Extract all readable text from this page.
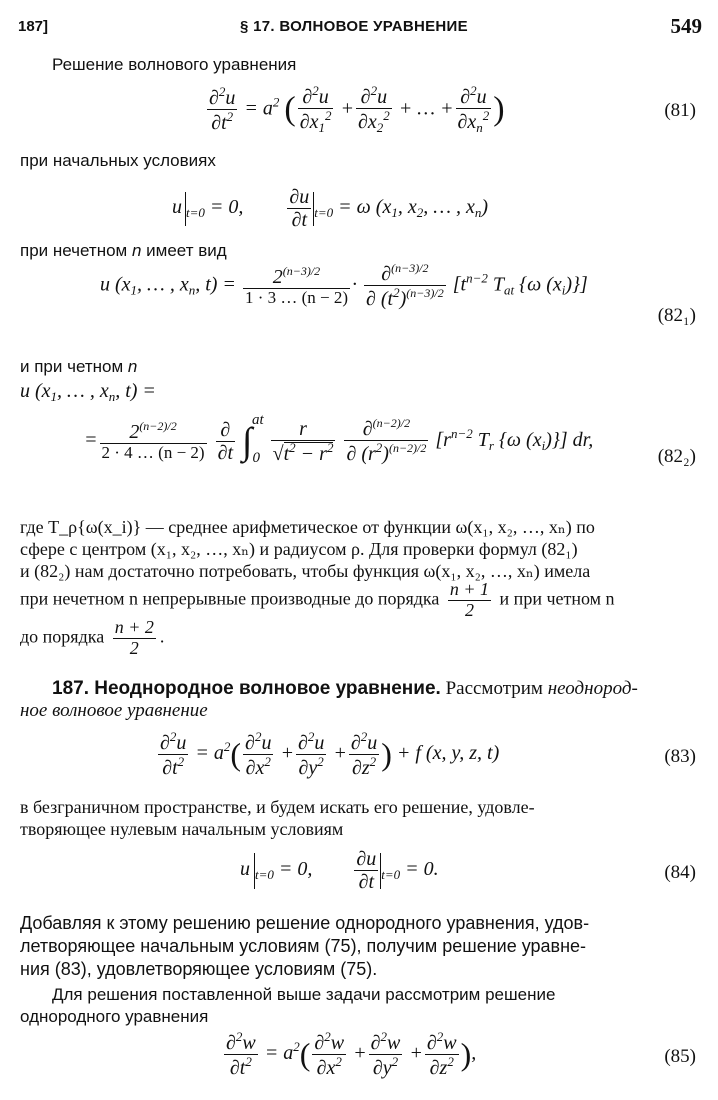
187]	§ 17. ВОЛНОВОЕ УРАВНЕНИЕ	549
Решение волнового уравнения
$\frac{\partial^2u}{\partial t^2} = a^2$ ( $\frac{\partial^2u}{\partial x_1^2} + \frac{\partial^2u}{\partial x_2^2}$ + … + $\frac{\partial^2u}{\partial x_n^2}$ )	(81)
при начальных условиях
u $_{t=0}$ = 0, $\frac{\partial u}{\partial t} _{t=0} = \omega$ ($x_1$, $x_2$, … , $x_n$)
при нечетном n имеет вид
u ($x_1$, … , $x_n$, $t) = \frac{2^{(n-3)/2}}{1 \cdot 3 \dots (n - 2)} \cdot \frac{\partial^{(n-3)/2}}{\partial (t^2)^{(n-3)/2}} [t^{n-2}$ $T_{at}$ {ω $(x_i)$}]
(82₁)
и при четном n
u ($x_1$, … , $x_n$, t) =
= $\frac{2^{(n-2)/2}}{2 \cdot 4 \dots (n - 2)}$
$\frac{\partial}{\partial t} \int_0^{at} \frac{r}{√t^2 - r^2}$
$\frac{\partial^{(n-2)/2}}{\partial (r^2)^{(n-2)/2}} [r^{n-2}$ $T_r$ {ω $(x_i)$}] dr,
(82₂)
где T_ρ{ω(x_i)} — среднее арифметическое от функции ω(x₁, x₂, …, xₙ) по
сфере с центром (x₁, x₂, …, xₙ) и радиусом ρ. Для проверки формул (82₁)
и (82₂) нам достаточно потребовать, чтобы функция ω(x₁, x₂, …, xₙ) имела
при нечетном n непрерывные производные до порядка $\frac{n + 1}{2}$ и при четном n
до порядка $\frac{n + 2}{2}$ .
187. Неоднородное волновое уравнение. Рассмотрим неоднород-
ное волновое уравнение
$\frac{\partial^2u}{\partial t^2} = a^2( \frac{\partial^2u}{\partial x^2} + \frac{\partial^2u}{\partial y^2} + \frac{\partial^2u}{\partial z^2}$ ) + f (x, y, z, t)	(83)
в безграничном пространстве, и будем искать его решение, удовле-
творяющее нулевым начальным условиям
u $_{t=0}$ = 0, $\frac{\partial u}{\partial t} _{t=0} = 0$.	(84)
Добавляя к этому решению решение однородного уравнения, удов-
летворяющее начальным условиям (75), получим решение уравне-
ния (83), удовлетворяющее условиям (75).
Для решения поставленной выше задачи рассмотрим решение
однородного уравнения
$\frac{\partial^2w}{\partial t^2} = a^2( \frac{\partial^2w}{\partial x^2} + \frac{\partial^2w}{\partial y^2} + \frac{\partial^2w}{\partial z^2}$ ),	(85)
